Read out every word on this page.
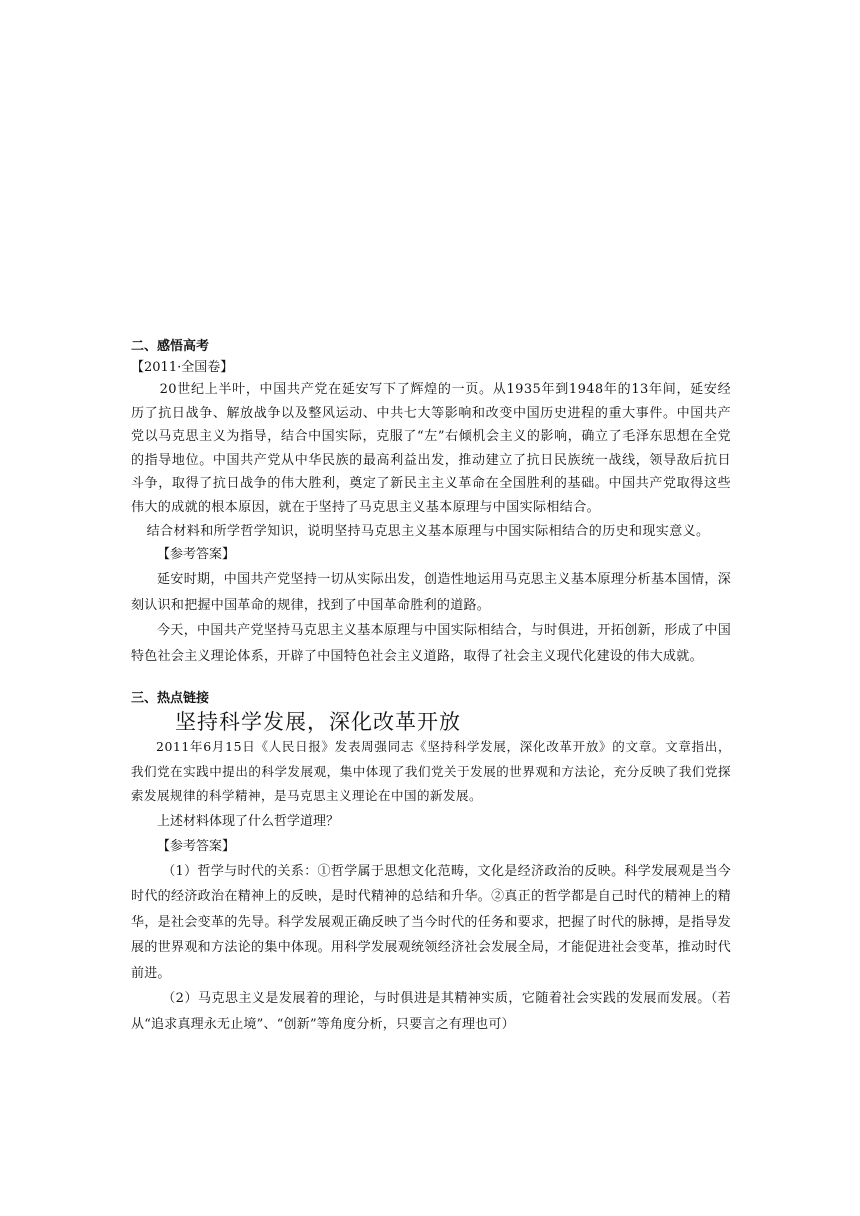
二、感悟高考
【2011·全国卷】

20世纪上半叶，中国共产党在延安写下了辉煌的一页。从1935年到1948年的13年间，延安经历了抗日战争、解放战争以及整风运动、中共七大等影响和改变中国历史进程的重大事件。中国共产党以马克思主义为指导，结合中国实际，克服了“左”右倾机会主义的影响，确立了毛泽东思想在全党的指导地位。中国共产党从中华民族的最高利益出发，推动建立了抗日民族统一战线，领导敌后抗日斗争，取得了抗日战争的伟大胜利，奠定了新民主主义革命在全国胜利的基础。中国共产党取得这些伟大的成就的根本原因，就在于坚持了马克思主义基本原理与中国实际相结合。

结合材料和所学哲学知识，说明坚持马克思主义基本原理与中国实际相结合的历史和现实意义。

【参考答案】

延安时期，中国共产党坚持一切从实际出发，创造性地运用马克思主义基本原理分析基本国情，深刻认识和把握中国革命的规律，找到了中国革命胜利的道路。

今天，中国共产党坚持马克思主义基本原理与中国实际相结合，与时俱进，开拓创新，形成了中国特色社会主义理论体系，开辟了中国特色社会主义道路，取得了社会主义现代化建设的伟大成就。

三、热点链接
坚持科学发展，深化改革开放

2011年6月15日《人民日报》发表周强同志《坚持科学发展，深化改革开放》的文章。文章指出，我们党在实践中提出的科学发展观，集中体现了我们党关于发展的世界观和方法论，充分反映了我们党探索发展规律的科学精神，是马克思主义理论在中国的新发展。

上述材料体现了什么哲学道理？

【参考答案】

（1）哲学与时代的关系：①哲学属于思想文化范畴，文化是经济政治的反映。科学发展观是当今时代的经济政治在精神上的反映，是时代精神的总结和升华。②真正的哲学都是自己时代的精神上的精华，是社会变革的先导。科学发展观正确反映了当今时代的任务和要求，把握了时代的脉搏，是指导发展的世界观和方法论的集中体现。用科学发展观统领经济社会发展全局，才能促进社会变革，推动时代前进。

（2）马克思主义是发展着的理论，与时俱进是其精神实质，它随着社会实践的发展而发展。（若从“追求真理永无止境”、“创新”等角度分析，只要言之有理也可）
